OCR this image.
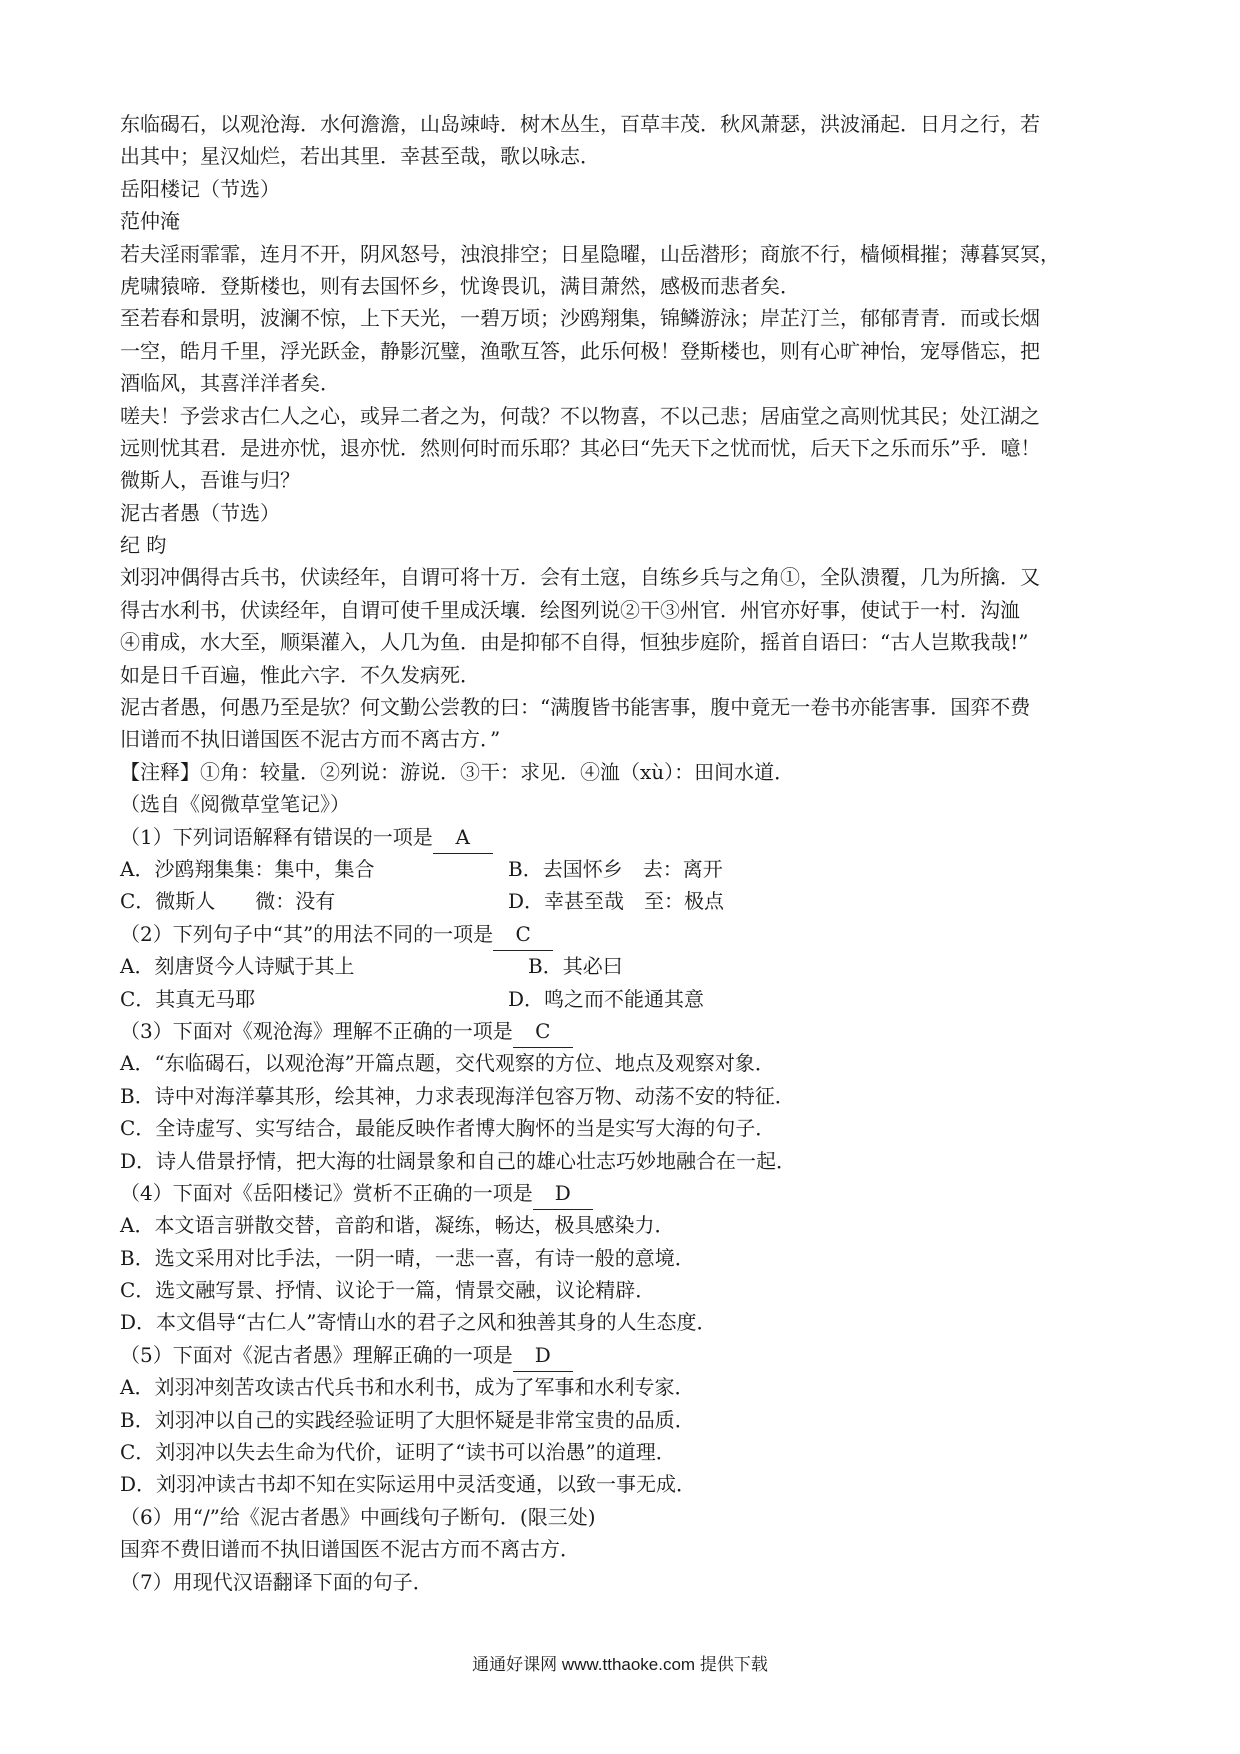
东临碣石，以观沧海．水何澹澹，山岛竦峙．树木丛生，百草丰茂．秋风萧瑟，洪波涌起．日月之行，若
出其中；星汉灿烂，若出其里．幸甚至哉，歌以咏志．
岳阳楼记（节选）
范仲淹
若夫淫雨霏霏，连月不开，阴风怒号，浊浪排空；日星隐曜，山岳潜形；商旅不行，樯倾楫摧；薄暮冥冥，
虎啸猿啼．登斯楼也，则有去国怀乡，忧谗畏讥，满目萧然，感极而悲者矣．
至若春和景明，波澜不惊，上下天光，一碧万顷；沙鸥翔集，锦鳞游泳；岸芷汀兰，郁郁青青．而或长烟
一空，皓月千里，浮光跃金，静影沉璧，渔歌互答，此乐何极！登斯楼也，则有心旷神怡，宠辱偕忘，把
酒临风，其喜洋洋者矣．
嗟夫！予尝求古仁人之心，或异二者之为，何哉？不以物喜，不以己悲；居庙堂之高则忧其民；处江湖之
远则忧其君．是进亦忧，退亦忧．然则何时而乐耶？其必曰“先天下之忧而忧，后天下之乐而乐”乎．噫！
微斯人，吾谁与归？
泥古者愚（节选）
纪 昀
刘羽冲偶得古兵书，伏读经年，自谓可将十万．会有土寇，自练乡兵与之角①，全队溃覆，几为所擒．又
得古水利书，伏读经年，自谓可使千里成沃壤．绘图列说②干③州官．州官亦好事，使试于一村．沟洫
④甫成，水大至，顺渠灌入，人几为鱼．由是抑郁不自得，恒独步庭阶，摇首自语曰：“古人岂欺我哉!”
如是日千百遍，惟此六字．不久发病死．
泥古者愚，何愚乃至是欤？何文勤公尝教的曰：“满腹皆书能害事，腹中竟无一卷书亦能害事．国弈不费
旧谱而不执旧谱国医不泥古方而不离古方．”
【注释】①角：较量．②列说：游说．③干：求见．④洫（xù）：田间水道．
（选自《阅微草堂笔记》）
（1）下列词语解释有错误的一项是 A
A．沙鸥翔集集：集中，集合	B．去国怀乡　去：离开
C．微斯人　　微：没有	D．幸甚至哉　至：极点
（2）下列句子中“其”的用法不同的一项是 C
A．刻唐贤今人诗赋于其上	B．其必曰
C．其真无马耶	D．鸣之而不能通其意
（3）下面对《观沧海》理解不正确的一项是 C
A．“东临碣石，以观沧海”开篇点题，交代观察的方位、地点及观察对象．
B．诗中对海洋摹其形，绘其神，力求表现海洋包容万物、动荡不安的特征．
C．全诗虚写、实写结合，最能反映作者博大胸怀的当是实写大海的句子．
D．诗人借景抒情，把大海的壮阔景象和自己的雄心壮志巧妙地融合在一起．
（4）下面对《岳阳楼记》赏析不正确的一项是 D
A．本文语言骈散交替，音韵和谐，凝练，畅达，极具感染力．
B．选文采用对比手法，一阴一晴，一悲一喜，有诗一般的意境．
C．选文融写景、抒情、议论于一篇，情景交融，议论精辟．
D．本文倡导“古仁人”寄情山水的君子之风和独善其身的人生态度．
（5）下面对《泥古者愚》理解正确的一项是 D
A．刘羽冲刻苦攻读古代兵书和水利书，成为了军事和水利专家．
B．刘羽冲以自己的实践经验证明了大胆怀疑是非常宝贵的品质．
C．刘羽冲以失去生命为代价，证明了“读书可以治愚”的道理．
D．刘羽冲读古书却不知在实际运用中灵活变通，以致一事无成．
（6）用“/”给《泥古者愚》中画线句子断句．(限三处)
国弈不费旧谱而不执旧谱国医不泥古方而不离古方．
（7）用现代汉语翻译下面的句子．
通通好课网 www.tthaoke.com 提供下载
